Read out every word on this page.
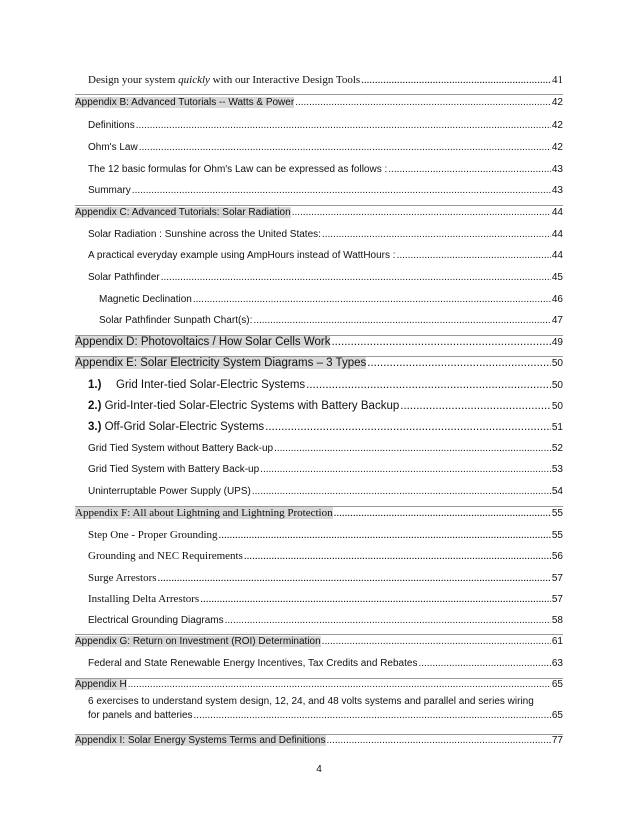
Design your system quickly with our Interactive Design Tools .....	41
Appendix B: Advanced Tutorials -- Watts & Power .....	42
Definitions .....	42
Ohm's Law .....	42
The 12 basic formulas for Ohm's Law can be expressed as follows : .....	43
Summary .....	43
Appendix C: Advanced Tutorials: Solar Radiation .....	44
Solar Radiation : Sunshine across the United States: .....	44
A practical everyday example using AmpHours instead of WattHours : .....	44
Solar Pathfinder .....	45
Magnetic Declination .....	46
Solar Pathfinder Sunpath Chart(s): .....	47
Appendix D: Photovoltaics / How Solar Cells Work .....	49
Appendix E: Solar Electricity System Diagrams – 3 Types .....	50
1.) Grid Inter-tied Solar-Electric Systems .....	50
2.) Grid-Inter-tied Solar-Electric Systems with Battery Backup .....	50
3.) Off-Grid Solar-Electric Systems .....	51
Grid Tied System without Battery Back-up .....	52
Grid Tied System with Battery Back-up .....	53
Uninterruptable Power Supply (UPS) .....	54
Appendix F: All about Lightning and Lightning Protection .....	55
Step One - Proper Grounding .....	55
Grounding and NEC Requirements .....	56
Surge Arrestors .....	57
Installing Delta Arrestors .....	57
Electrical Grounding Diagrams .....	58
Appendix G: Return on Investment (ROI) Determination .....	61
Federal and State Renewable Energy Incentives, Tax Credits and Rebates .....	63
Appendix H .....	65
6 exercises to understand system design, 12, 24, and 48 volts systems and parallel and series wiring
for panels and batteries .....	65
Appendix I: Solar Energy Systems Terms and Definitions .....	77
4
